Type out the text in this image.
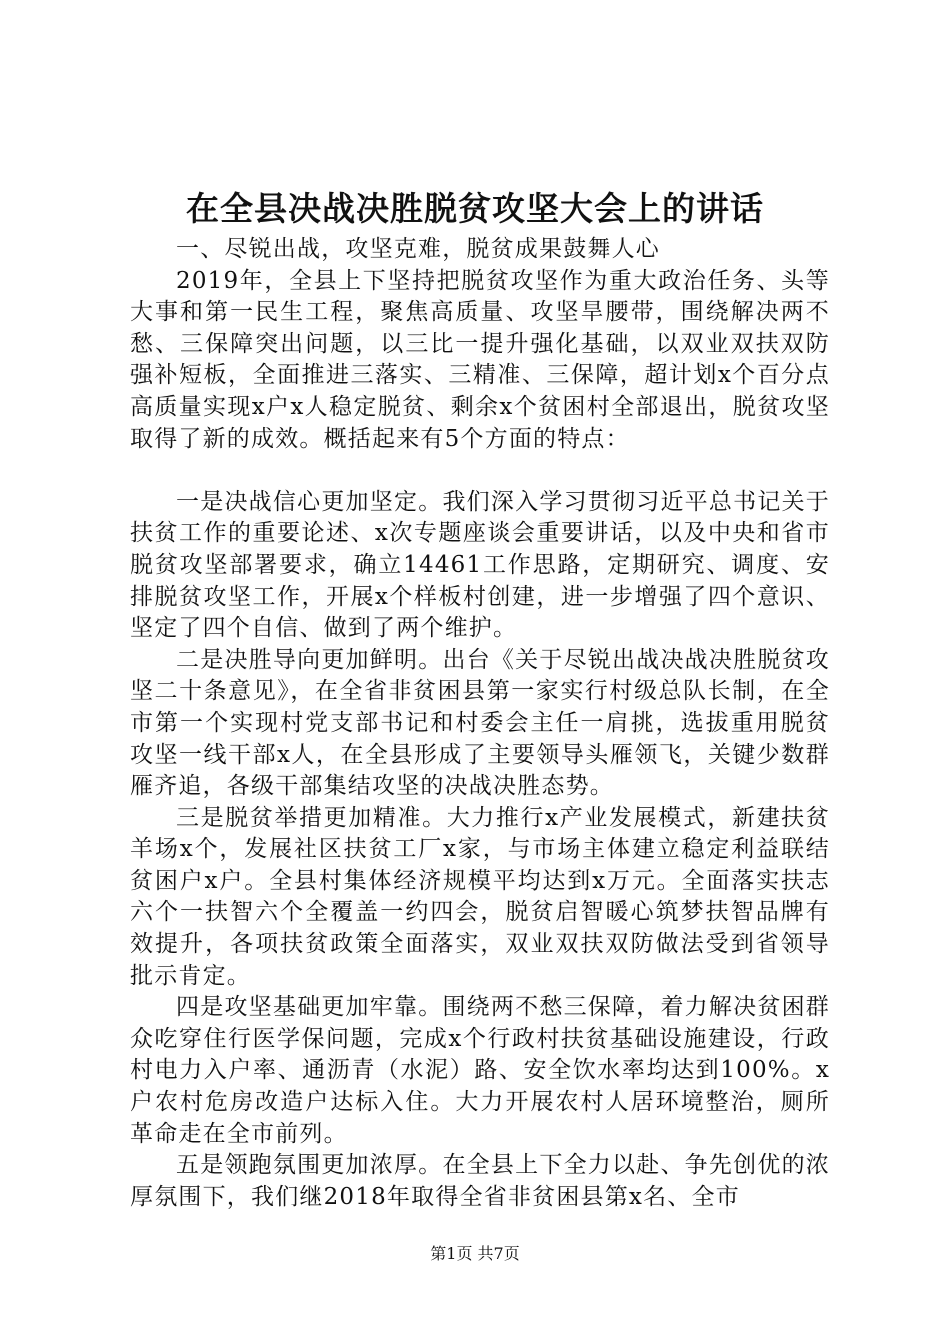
在全县决战决胜脱贫攻坚大会上的讲话

一、尽锐出战，攻坚克难，脱贫成果鼓舞人心

2019年，全县上下坚持把脱贫攻坚作为重大政治任务、头等大事和第一民生工程，聚焦高质量、攻坚旱腰带，围绕解决两不愁、三保障突出问题，以三比一提升强化基础，以双业双扶双防强补短板，全面推进三落实、三精准、三保障，超计划x个百分点高质量实现x户x人稳定脱贫、剩余x个贫困村全部退出，脱贫攻坚取得了新的成效。概括起来有5个方面的特点：

一是决战信心更加坚定。我们深入学习贯彻习近平总书记关于扶贫工作的重要论述、x次专题座谈会重要讲话，以及中央和省市脱贫攻坚部署要求，确立14461工作思路，定期研究、调度、安排脱贫攻坚工作，开展x个样板村创建，进一步增强了四个意识、坚定了四个自信、做到了两个维护。

二是决胜导向更加鲜明。出台《关于尽锐出战决战决胜脱贫攻坚二十条意见》，在全省非贫困县第一家实行村级总队长制，在全市第一个实现村党支部书记和村委会主任一肩挑，选拔重用脱贫攻坚一线干部x人，在全县形成了主要领导头雁领飞，关键少数群雁齐追，各级干部集结攻坚的决战决胜态势。

三是脱贫举措更加精准。大力推行x产业发展模式，新建扶贫羊场x个，发展社区扶贫工厂x家，与市场主体建立稳定利益联结贫困户x户。全县村集体经济规模平均达到x万元。全面落实扶志六个一扶智六个全覆盖一约四会，脱贫启智暖心筑梦扶智品牌有效提升，各项扶贫政策全面落实，双业双扶双防做法受到省领导批示肯定。

四是攻坚基础更加牢靠。围绕两不愁三保障，着力解决贫困群众吃穿住行医学保问题，完成x个行政村扶贫基础设施建设，行政村电力入户率、通沥青（水泥）路、安全饮水率均达到100%。x户农村危房改造户达标入住。大力开展农村人居环境整治，厕所革命走在全市前列。

五是领跑氛围更加浓厚。在全县上下全力以赴、争先创优的浓厚氛围下，我们继2018年取得全省非贫困县第x名、全市

第1页 共7页
